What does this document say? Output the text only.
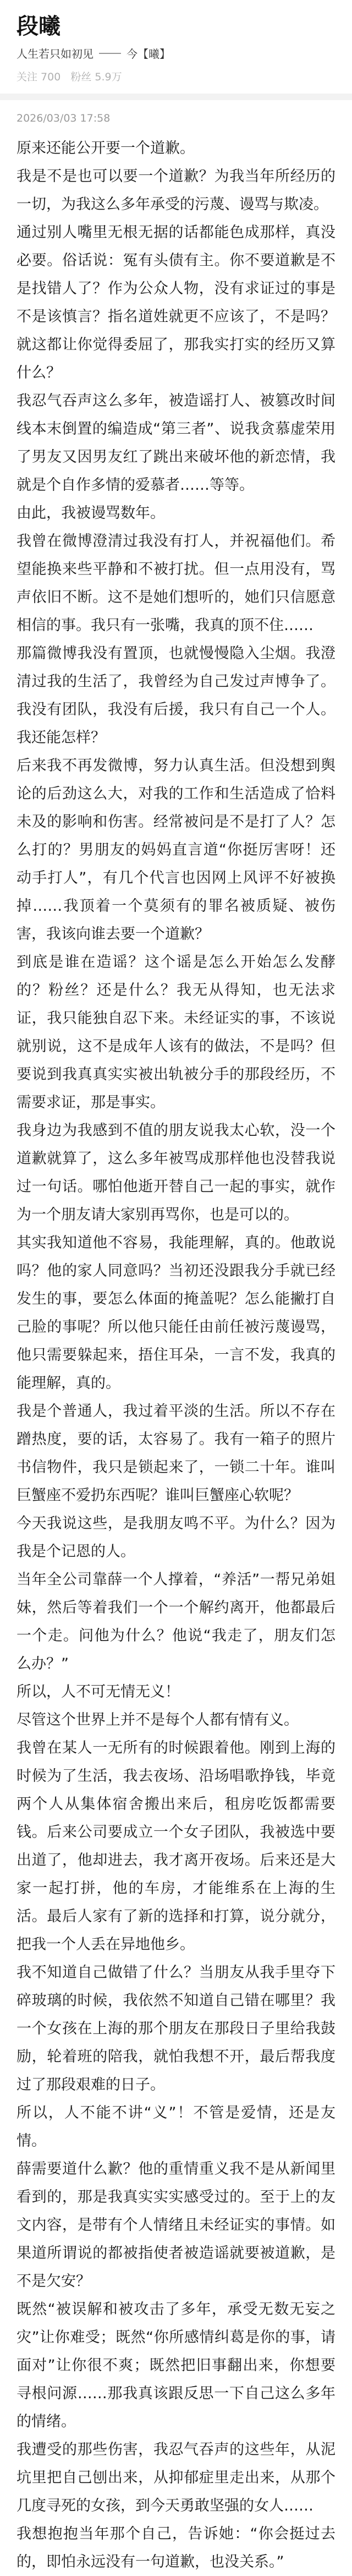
段曦
人生若只如初见	今【曦】
关注 700 粉丝 5.9万
2026/03/03 17:58

原来还能公开要一个道歉。

我是不是也可以要一个道歉？为我当年所经历的一切，为我这么多年承受的污蔑、谩骂与欺凌。

通过别人嘴里无根无据的话都能色成那样，真没必要。俗话说：冤有头债有主。你不要道歉是不是找错人了？作为公众人物，没有求证过的事是不是该慎言？指名道姓就更不应该了，不是吗？就这都让你觉得委屈了，那我实打实的经历又算什么？

我忍气吞声这么多年，被造谣打人、被篡改时间线本末倒置的编造成“第三者”、说我贪慕虚荣用了男友又因男友红了跳出来破坏他的新恋情，我就是个自作多情的爱慕者……等等。

由此，我被谩骂数年。

我曾在微博澄清过我没有打人，并祝福他们。希望能换来些平静和不被打扰。但一点用没有，骂声依旧不断。这不是她们想听的，她们只信愿意相信的事。我只有一张嘴，我真的顶不住……

那篇微博我没有置顶，也就慢慢隐入尘烟。我澄清过我的生活了，我曾经为自己发过声博争了。我没有团队，我没有后援，我只有自己一个人。我还能怎样？

后来我不再发微博，努力认真生活。但没想到舆论的后劲这么大，对我的工作和生活造成了恰料未及的影响和伤害。经常被问是不是打了人？怎么打的？男朋友的妈妈直言道“你挺厉害呀！还动手打人”，有几个代言也因网上风评不好被换掉……我顶着一个莫须有的罪名被质疑、被伤害，我该向谁去要一个道歉？

到底是谁在造谣？这个谣是怎么开始怎么发酵的？粉丝？还是什么？我无从得知，也无法求证，我只能独自忍下来。未经证实的事，不该说就别说，这不是成年人该有的做法，不是吗？但要说到我真真实实被出轨被分手的那段经历，不需要求证，那是事实。

我身边为我感到不值的朋友说我太心软，没一个道歉就算了，这么多年被骂成那样他也没替我说过一句话。哪怕他逝开替自己一起的事实，就作为一个朋友请大家别再骂你，也是可以的。

其实我知道他不容易，我能理解，真的。他敢说吗？他的家人同意吗？当初还没跟我分手就已经发生的事，要怎么体面的掩盖呢？怎么能撇打自己脸的事呢？所以他只能任由前任被污蔑谩骂，他只需要躲起来，捂住耳朵，一言不发，我真的能理解，真的。

我是个普通人，我过着平淡的生活。所以不存在蹭热度，要的话，太容易了。我有一箱子的照片书信物件，我只是锁起来了，一锁二十年。谁叫巨蟹座不爱扔东西呢？谁叫巨蟹座心软呢？

今天我说这些，是我朋友鸣不平。为什么？因为我是个记恩的人。

当年全公司靠薛一个人撑着，“养活”一帮兄弟姐妹，然后等着我们一个一个解约离开，他都最后一个走。问他为什么？他说“我走了，朋友们怎么办？”

所以，人不可无情无义！

尽管这个世界上并不是每个人都有情有义。

我曾在某人一无所有的时候跟着他。刚到上海的时候为了生活，我去夜场、沿场唱歌挣钱，毕竟两个人从集体宿舍搬出来后，租房吃饭都需要钱。后来公司要成立一个女子团队，我被选中要出道了，他却进去，我才离开夜场。后来还是大家一起打拼，他的车房，才能维系在上海的生活。最后人家有了新的选择和打算，说分就分，把我一个人丢在异地他乡。

我不知道自己做错了什么？当朋友从我手里夺下碎玻璃的时候，我依然不知道自己错在哪里？我一个女孩在上海的那个朋友在那段日子里给我鼓励，轮着班的陪我，就怕我想不开，最后帮我度过了那段艰难的日子。

所以，人不能不讲“义”！不管是爱情，还是友情。

薛需要道什么歉？他的重情重义我不是从新闻里看到的，那是我真实实实感受过的。至于上的友文内容，是带有个人情绪且未经证实的事情。如果道所谓说的都被指使者被造谣就要被道歉，是不是欠安？

既然“被误解和被攻击了多年，承受无数无妄之灾”让你难受；既然“你所感情纠葛是你的事，请面对”让你很不爽；既然把旧事翻出来，你想要寻根问源……那我真该跟反思一下自己这么多年的情绪。

我遭受的那些伤害，我忍气吞声的这些年，从泥坑里把自己刨出来，从抑郁症里走出来，从那个几度寻死的女孩，到今天勇敢坚强的女人……

我想抱抱当年那个自己，告诉她：“你会挺过去的，即怕永远没有一句道歉，也没关系。”
